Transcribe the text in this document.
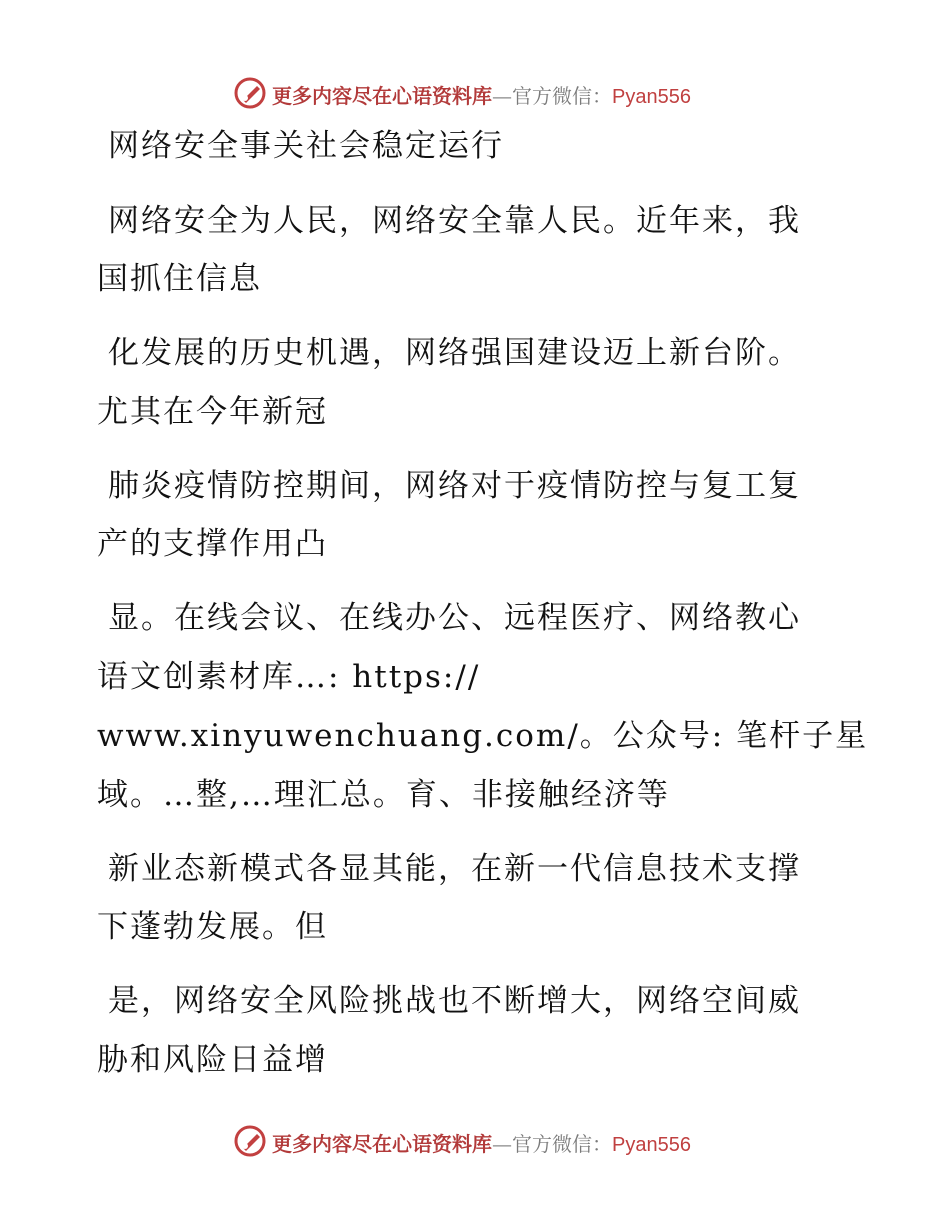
更多内容尽在心语资料库—官方微信：Pyan556
网络安全事关社会稳定运行
网络安全为人民，网络安全靠人民。近年来，我
国抓住信息
化发展的历史机遇，网络强国建设迈上新台阶。
尤其在今年新冠
肺炎疫情防控期间，网络对于疫情防控与复工复
产的支撑作用凸
显。在线会议、在线办公、远程医疗、网络教心
语文创素材库…: https://
www.xinyuwenchuang.com/。公众号: 笔杆子星
域。…整,…理汇总。育、非接触经济等
新业态新模式各显其能，在新一代信息技术支撑
下蓬勃发展。但
是，网络安全风险挑战也不断增大，网络空间威
胁和风险日益增
更多内容尽在心语资料库—官方微信：Pyan556
